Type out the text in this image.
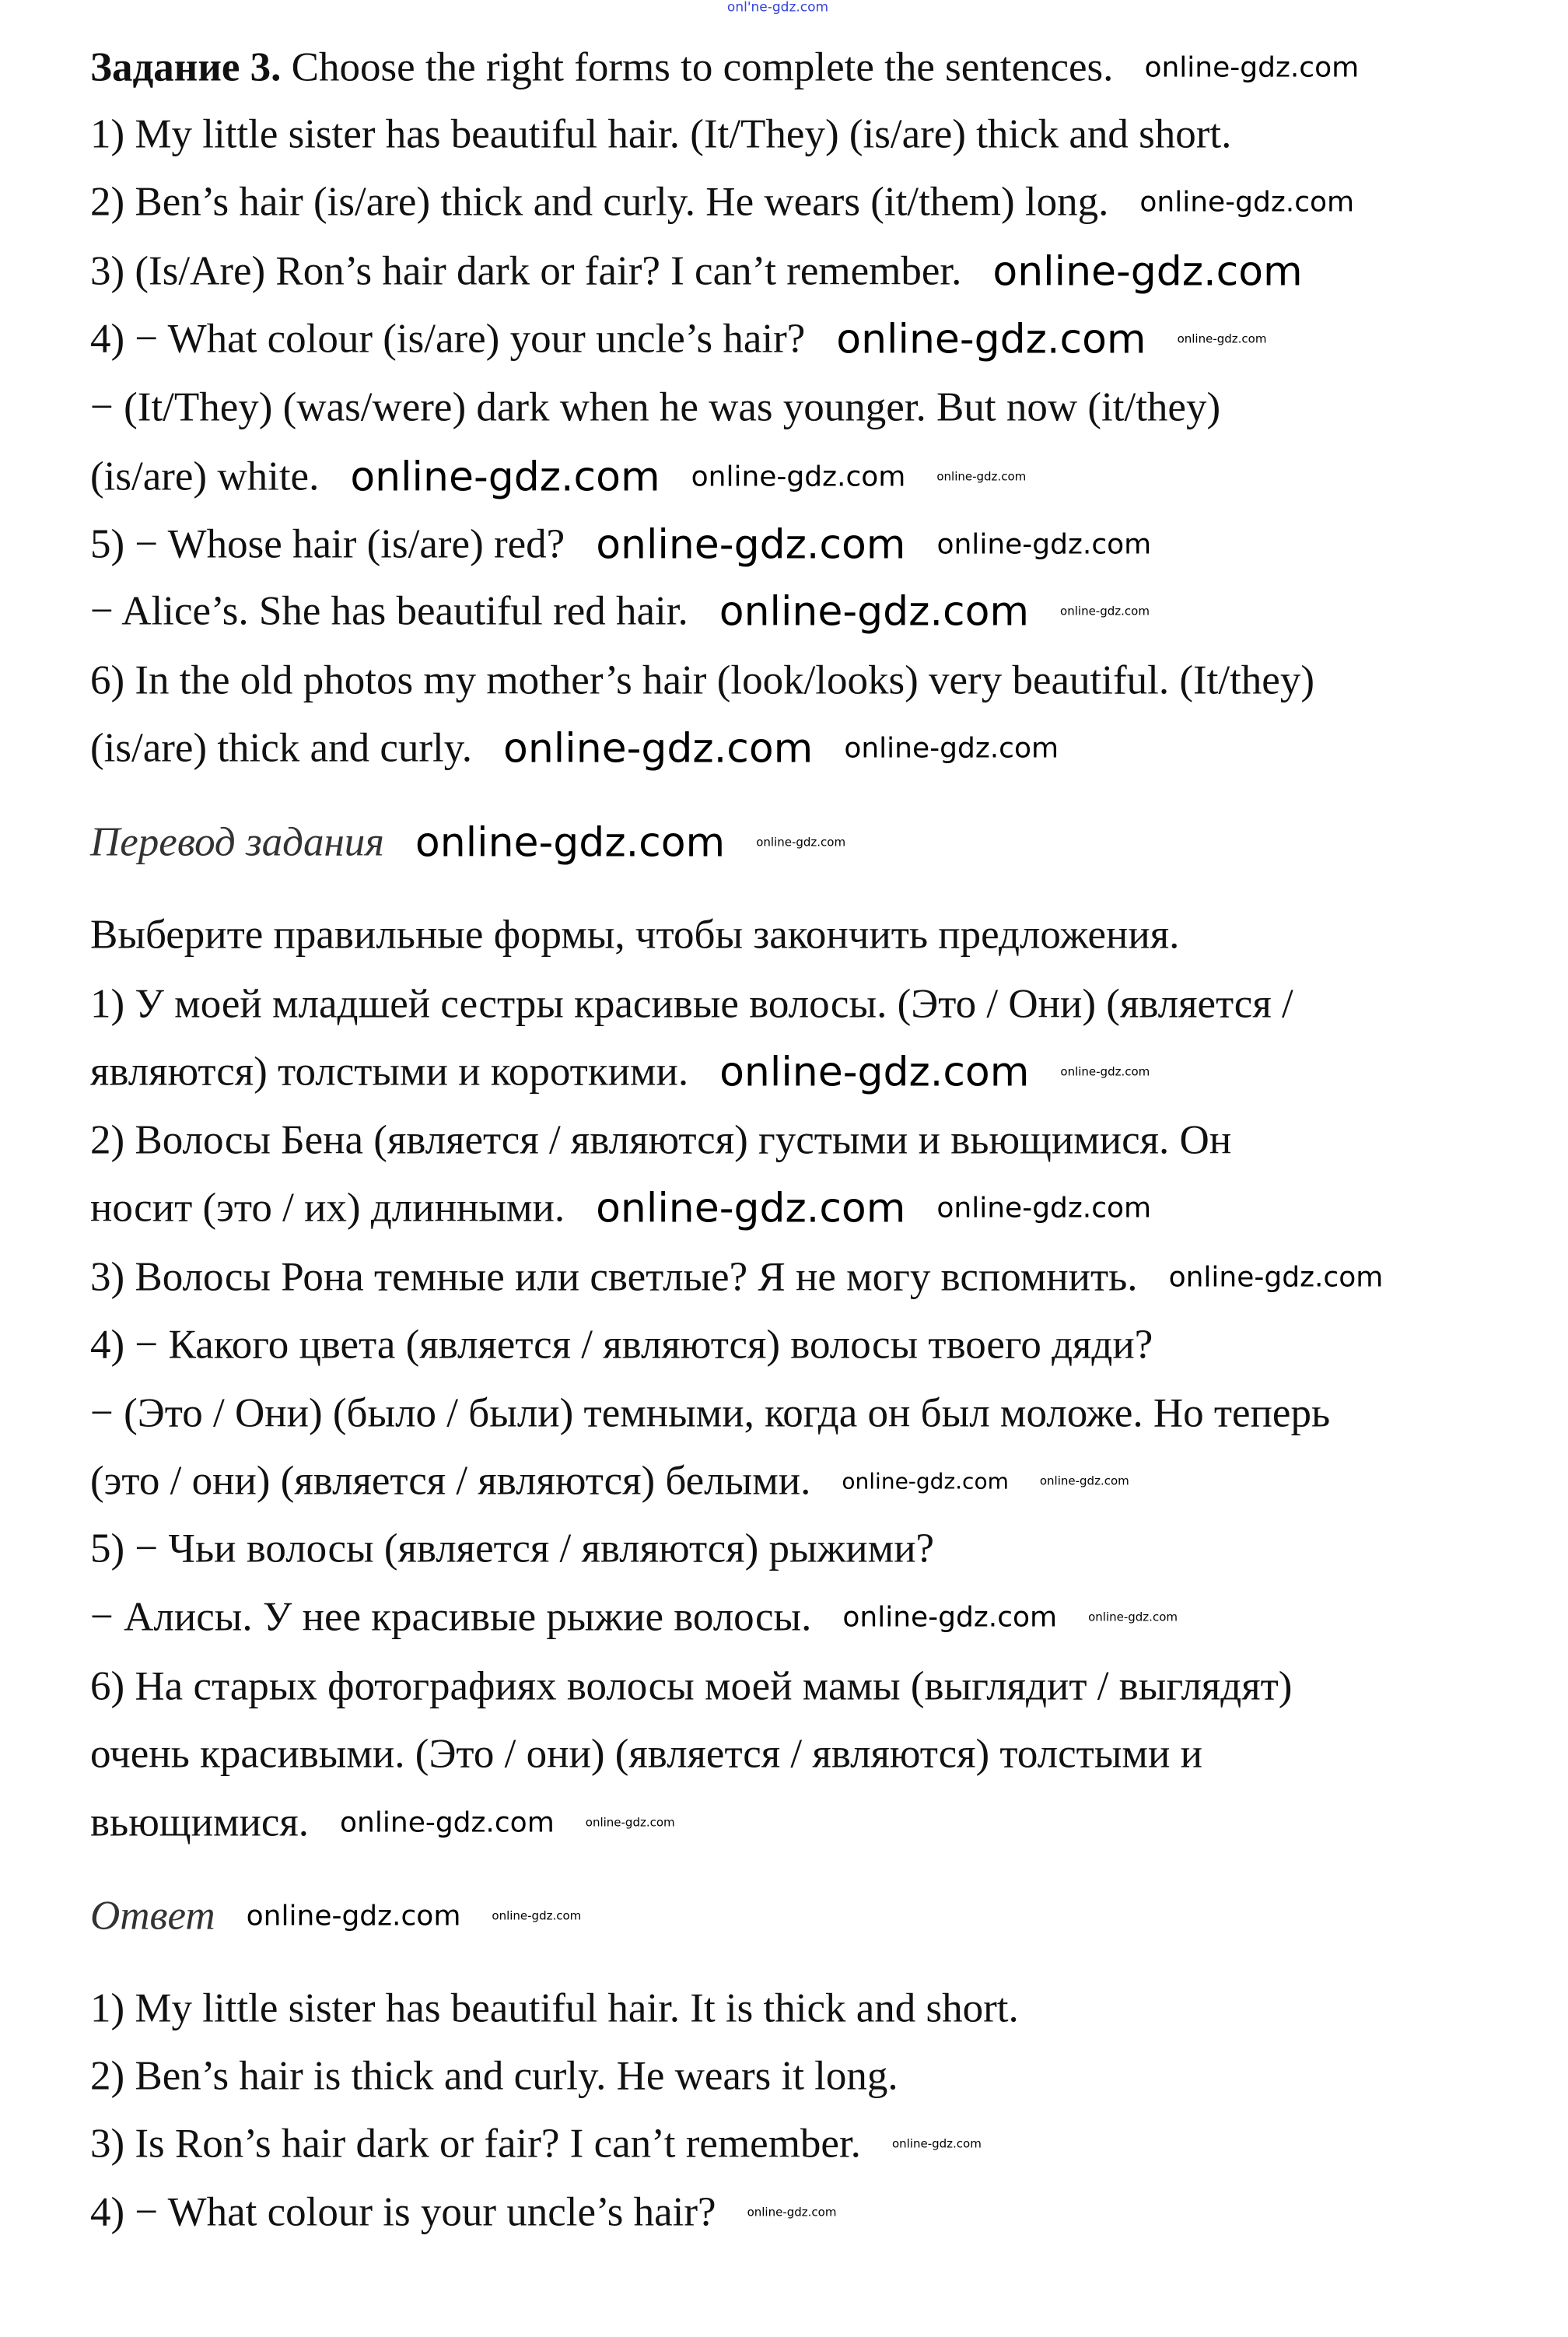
onl'ne-gdz.com
Задание 3. Choose the right forms to complete the sentences. online-gdz.com
1) My little sister has beautiful hair. (It/They) (is/are) thick and short.
2) Ben’s hair (is/are) thick and curly. He wears (it/them) long. online-gdz.com
3) (Is/Are) Ron’s hair dark or fair? I can’t remember. online-gdz.com
4) − What colour (is/are) your uncle’s hair? online-gdz.com	online-gdz.com
− (It/They) (was/were) dark when he was younger. But now (it/they)
(is/are) white. online-gdz.com online-gdz.com	online-gdz.com
5) − Whose hair (is/are) red? online-gdz.com online-gdz.com
− Alice’s. She has beautiful red hair. online-gdz.com	online-gdz.com
6) In the old photos my mother’s hair (look/looks) very beautiful. (It/they)
(is/are) thick and curly. online-gdz.com online-gdz.com
Перевод задания online-gdz.com	online-gdz.com
Выберите правильные формы, чтобы закончить предложения.
1) У моей младшей сестры красивые волосы. (Это / Они) (является /
являются) толстыми и короткими. online-gdz.com	online-gdz.com
2) Волосы Бена (является / являются) густыми и вьющимися. Он
носит (это / их) длинными. online-gdz.com online-gdz.com
3) Волосы Рона темные или светлые? Я не могу вспомнить. online-gdz.com
4) − Какого цвета (является / являются) волосы твоего дяди?
− (Это / Они) (было / были) темными, когда он был моложе. Но теперь
(это / они) (является / являются) белыми. online-gdz.com	online-gdz.com
5) − Чьи волосы (является / являются) рыжими?
− Алисы. У нее красивые рыжие волосы. online-gdz.com	online-gdz.com
6) На старых фотографиях волосы моей мамы (выглядит / выглядят)
очень красивыми. (Это / они) (является / являются) толстыми и
вьющимися. online-gdz.com	online-gdz.com
Ответ online-gdz.com	online-gdz.com
1) My little sister has beautiful hair. It is thick and short.
2) Ben’s hair is thick and curly. He wears it long.
3) Is Ron’s hair dark or fair? I can’t remember.	online-gdz.com
4) − What colour is your uncle’s hair?	online-gdz.com
